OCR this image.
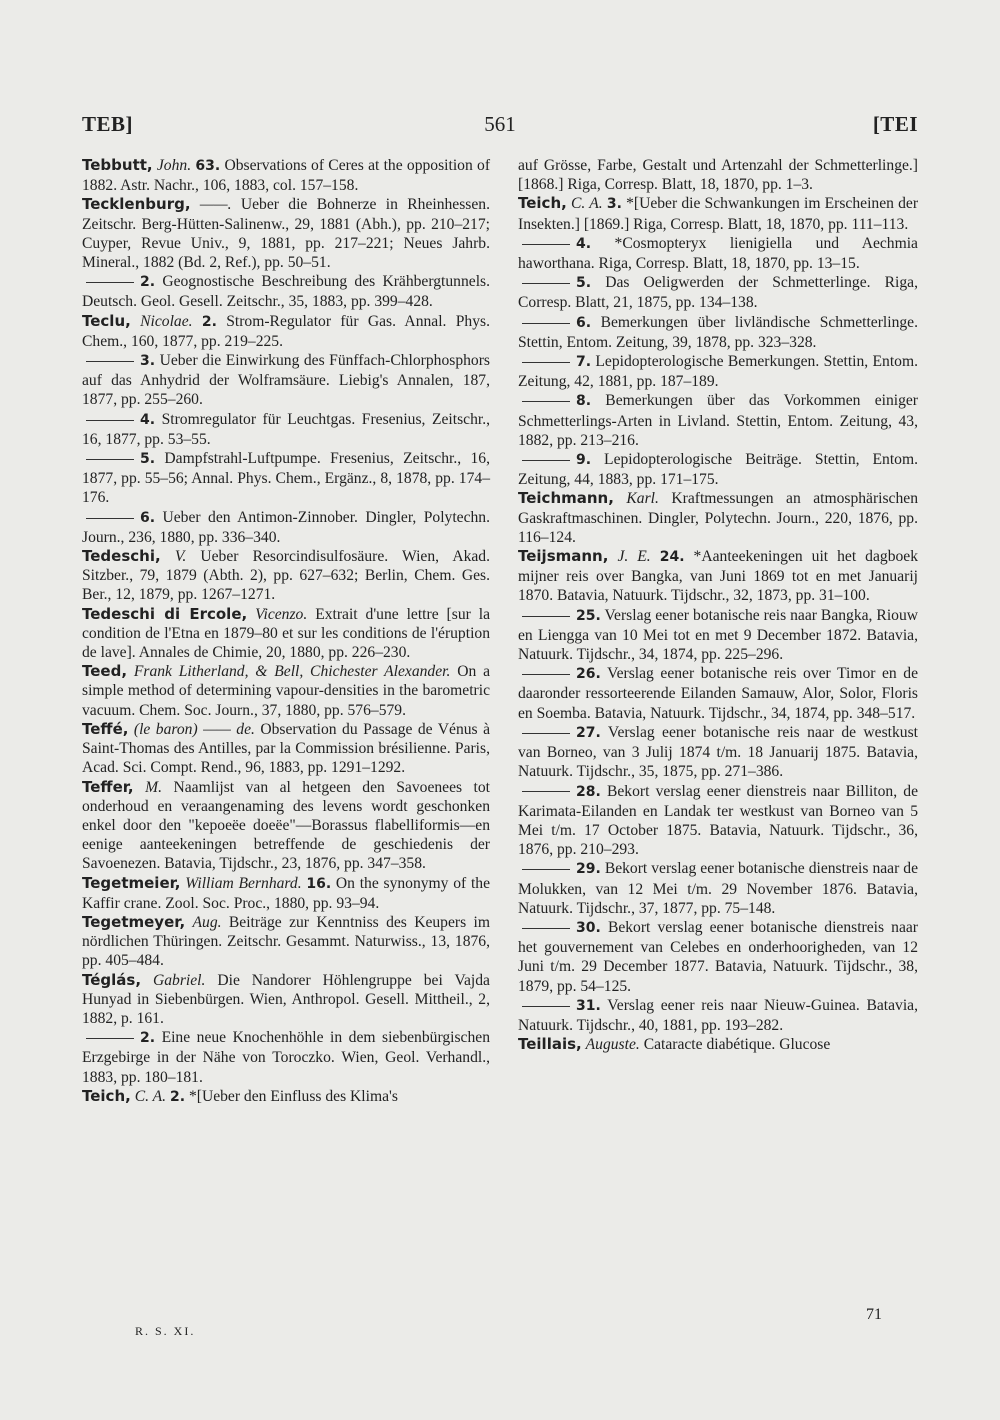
TEB]	561	[TEI

Tebbutt, John. 63. Observations of Ceres at the opposition of 1882. Astr. Nachr., 106, 1883, col. 157–158.

Tecklenburg, ——. Ueber die Bohnerze in Rheinhessen. Zeitschr. Berg-Hütten-Salinenw., 29, 1881 (Abh.), pp. 210–217; Cuyper, Revue Univ., 9, 1881, pp. 217–221; Neues Jahrb. Mineral., 1882 (Bd. 2, Ref.), pp. 50–51.

2. Geognostische Beschreibung des Krähbergtunnels. Deutsch. Geol. Gesell. Zeitschr., 35, 1883, pp. 399–428.

Teclu, Nicolae. 2. Strom-Regulator für Gas. Annal. Phys. Chem., 160, 1877, pp. 219–225.

3. Ueber die Einwirkung des Fünffach-Chlorphosphors auf das Anhydrid der Wolframsäure. Liebig's Annalen, 187, 1877, pp. 255–260.

4. Stromregulator für Leuchtgas. Fresenius, Zeitschr., 16, 1877, pp. 53–55.

5. Dampfstrahl-Luftpumpe. Fresenius, Zeitschr., 16, 1877, pp. 55–56; Annal. Phys. Chem., Ergänz., 8, 1878, pp. 174–176.

6. Ueber den Antimon-Zinnober. Dingler, Polytechn. Journ., 236, 1880, pp. 336–340.

Tedeschi, V. Ueber Resorcindisulfosäure. Wien, Akad. Sitzber., 79, 1879 (Abth. 2), pp. 627–632; Berlin, Chem. Ges. Ber., 12, 1879, pp. 1267–1271.

Tedeschi di Ercole, Vicenzo. Extrait d'une lettre [sur la condition de l'Etna en 1879–80 et sur les conditions de l'éruption de lave]. Annales de Chimie, 20, 1880, pp. 226–230.

Teed, Frank Litherland, & Bell, Chichester Alexander. On a simple method of determining vapour-densities in the barometric vacuum. Chem. Soc. Journ., 37, 1880, pp. 576–579.

Teffé, (le baron) —— de. Observation du Passage de Vénus à Saint-Thomas des Antilles, par la Commission brésilienne. Paris, Acad. Sci. Compt. Rend., 96, 1883, pp. 1291–1292.

Teffer, M. Naamlijst van al hetgeen den Savoenees tot onderhoud en veraangenaming des levens wordt geschonken enkel door den "kepoeëe doeëe"—Borassus flabelliformis—en eenige aanteekeningen betreffende de geschiedenis der Savoenezen. Batavia, Tijdschr., 23, 1876, pp. 347–358.

Tegetmeier, William Bernhard. 16. On the synonymy of the Kaffir crane. Zool. Soc. Proc., 1880, pp. 93–94.

Tegetmeyer, Aug. Beiträge zur Kenntniss des Keupers im nördlichen Thüringen. Zeitschr. Gesammt. Naturwiss., 13, 1876, pp. 405–484.

Téglás, Gabriel. Die Nandorer Höhlengruppe bei Vajda Hunyad in Siebenbürgen. Wien, Anthropol. Gesell. Mittheil., 2, 1882, p. 161.

2. Eine neue Knochenhöhle in dem siebenbürgischen Erzgebirge in der Nähe von Toroczko. Wien, Geol. Verhandl., 1883, pp. 180–181.

Teich, C. A. 2. *[Ueber den Einfluss des Klima's

auf Grösse, Farbe, Gestalt und Artenzahl der Schmetterlinge.] [1868.] Riga, Corresp. Blatt, 18, 1870, pp. 1–3.

Teich, C. A. 3. *[Ueber die Schwankungen im Erscheinen der Insekten.] [1869.] Riga, Corresp. Blatt, 18, 1870, pp. 111–113.

4. *Cosmopteryx lienigiella und Aechmia haworthana. Riga, Corresp. Blatt, 18, 1870, pp. 13–15.

5. Das Oeligwerden der Schmetterlinge. Riga, Corresp. Blatt, 21, 1875, pp. 134–138.

6. Bemerkungen über livländische Schmetterlinge. Stettin, Entom. Zeitung, 39, 1878, pp. 323–328.

7. Lepidopterologische Bemerkungen. Stettin, Entom. Zeitung, 42, 1881, pp. 187–189.

8. Bemerkungen über das Vorkommen einiger Schmetterlings-Arten in Livland. Stettin, Entom. Zeitung, 43, 1882, pp. 213–216.

9. Lepidopterologische Beiträge. Stettin, Entom. Zeitung, 44, 1883, pp. 171–175.

Teichmann, Karl. Kraftmessungen an atmosphärischen Gaskraftmaschinen. Dingler, Polytechn. Journ., 220, 1876, pp. 116–124.

Teijsmann, J. E. 24. *Aanteekeningen uit het dagboek mijner reis over Bangka, van Juni 1869 tot en met Januarij 1870. Batavia, Natuurk. Tijdschr., 32, 1873, pp. 31–100.

25. Verslag eener botanische reis naar Bangka, Riouw en Liengga van 10 Mei tot en met 9 December 1872. Batavia, Natuurk. Tijdschr., 34, 1874, pp. 225–296.

26. Verslag eener botanische reis over Timor en de daaronder ressorteerende Eilanden Samauw, Alor, Solor, Floris en Soemba. Batavia, Natuurk. Tijdschr., 34, 1874, pp. 348–517.

27. Verslag eener botanische reis naar de westkust van Borneo, van 3 Julij 1874 t/m. 18 Januarij 1875. Batavia, Natuurk. Tijdschr., 35, 1875, pp. 271–386.

28. Bekort verslag eener dienstreis naar Billiton, de Karimata-Eilanden en Landak ter westkust van Borneo van 5 Mei t/m. 17 October 1875. Batavia, Natuurk. Tijdschr., 36, 1876, pp. 210–293.

29. Bekort verslag eener botanische dienstreis naar de Molukken, van 12 Mei t/m. 29 November 1876. Batavia, Natuurk. Tijdschr., 37, 1877, pp. 75–148.

30. Bekort verslag eener botanische dienstreis naar het gouvernement van Celebes en onderhoorigheden, van 12 Juni t/m. 29 December 1877. Batavia, Natuurk. Tijdschr., 38, 1879, pp. 54–125.

31. Verslag eener reis naar Nieuw-Guinea. Batavia, Natuurk. Tijdschr., 40, 1881, pp. 193–282.

Teillais, Auguste. Cataracte diabétique. Glucose

R. S. XI.
71
